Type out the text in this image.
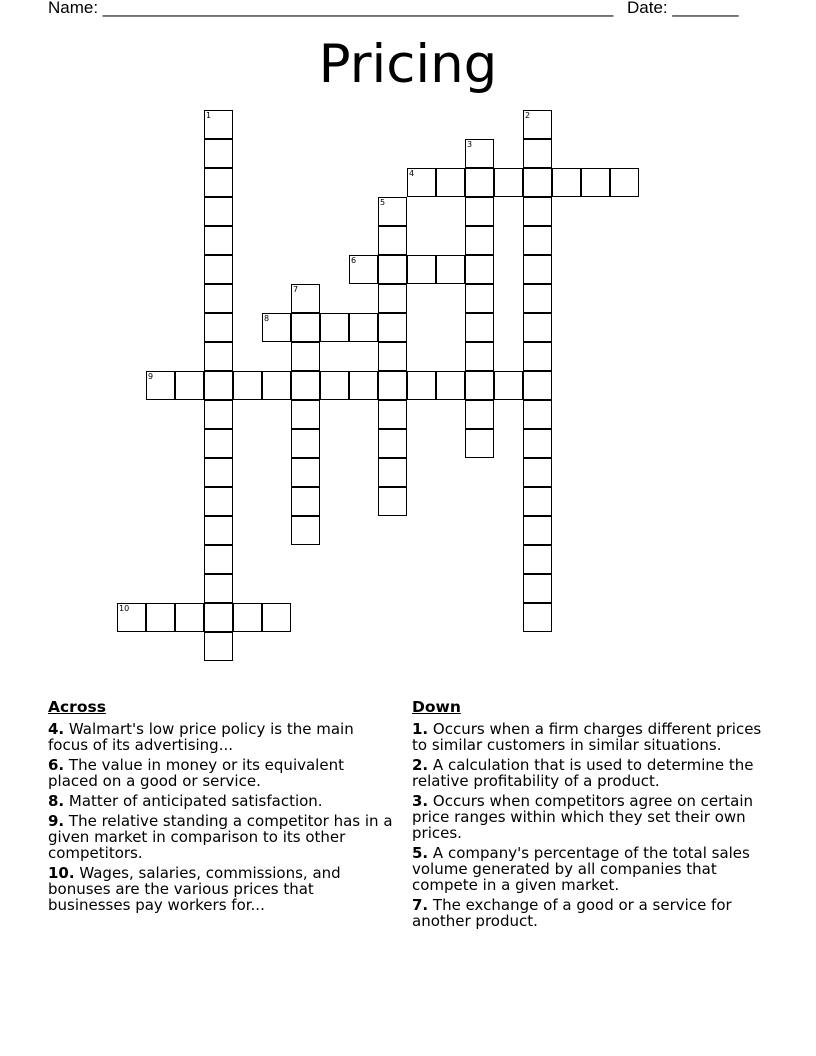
Name: ______________________________________________________ Date: _______
Pricing
1	2
3
4
5
6
7
8
9
10
Across
4. Walmart's low price policy is the main focus of its advertising...
6. The value in money or its equivalent placed on a good or service.
8. Matter of anticipated satisfaction.
9. The relative standing a competitor has in a given market in comparison to its other competitors.
10. Wages, salaries, commissions, and bonuses are the various prices that businesses pay workers for...
Down
1. Occurs when a firm charges different prices to similar customers in similar situations.
2. A calculation that is used to determine the relative profitability of a product.
3. Occurs when competitors agree on certain price ranges within which they set their own prices.
5. A company's percentage of the total sales volume generated by all companies that compete in a given market.
7. The exchange of a good or a service for another product.
